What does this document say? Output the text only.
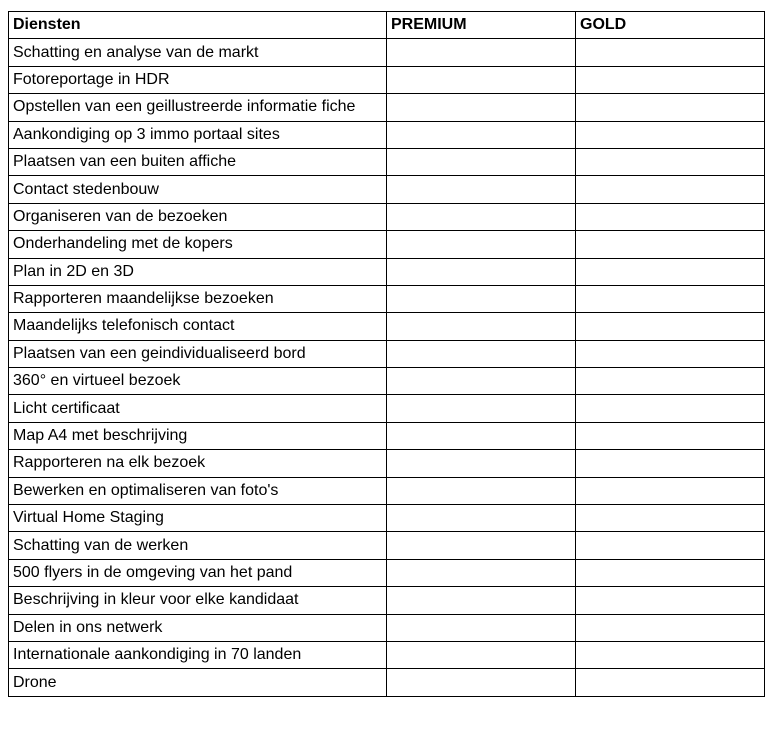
Diensten	PREMIUM	GOLD
Schatting en analyse van de markt		
Fotoreportage in HDR		
Opstellen van een geillustreerde informatie fiche		
Aankondiging op 3 immo portaal sites		
Plaatsen van een buiten affiche		
Contact stedenbouw		
Organiseren van de bezoeken		
Onderhandeling met de kopers		
Plan in 2D en 3D		
Rapporteren maandelijkse bezoeken		
Maandelijks telefonisch contact		
Plaatsen van een geindividualiseerd bord		
360° en virtueel bezoek		
Licht certificaat		
Map A4 met beschrijving		
Rapporteren na elk bezoek		
Bewerken en optimaliseren van foto's		
Virtual Home Staging		
Schatting van de werken		
500 flyers in de omgeving van het pand		
Beschrijving in kleur voor elke kandidaat		
Delen in ons netwerk		
Internationale aankondiging in 70 landen		
Drone		
